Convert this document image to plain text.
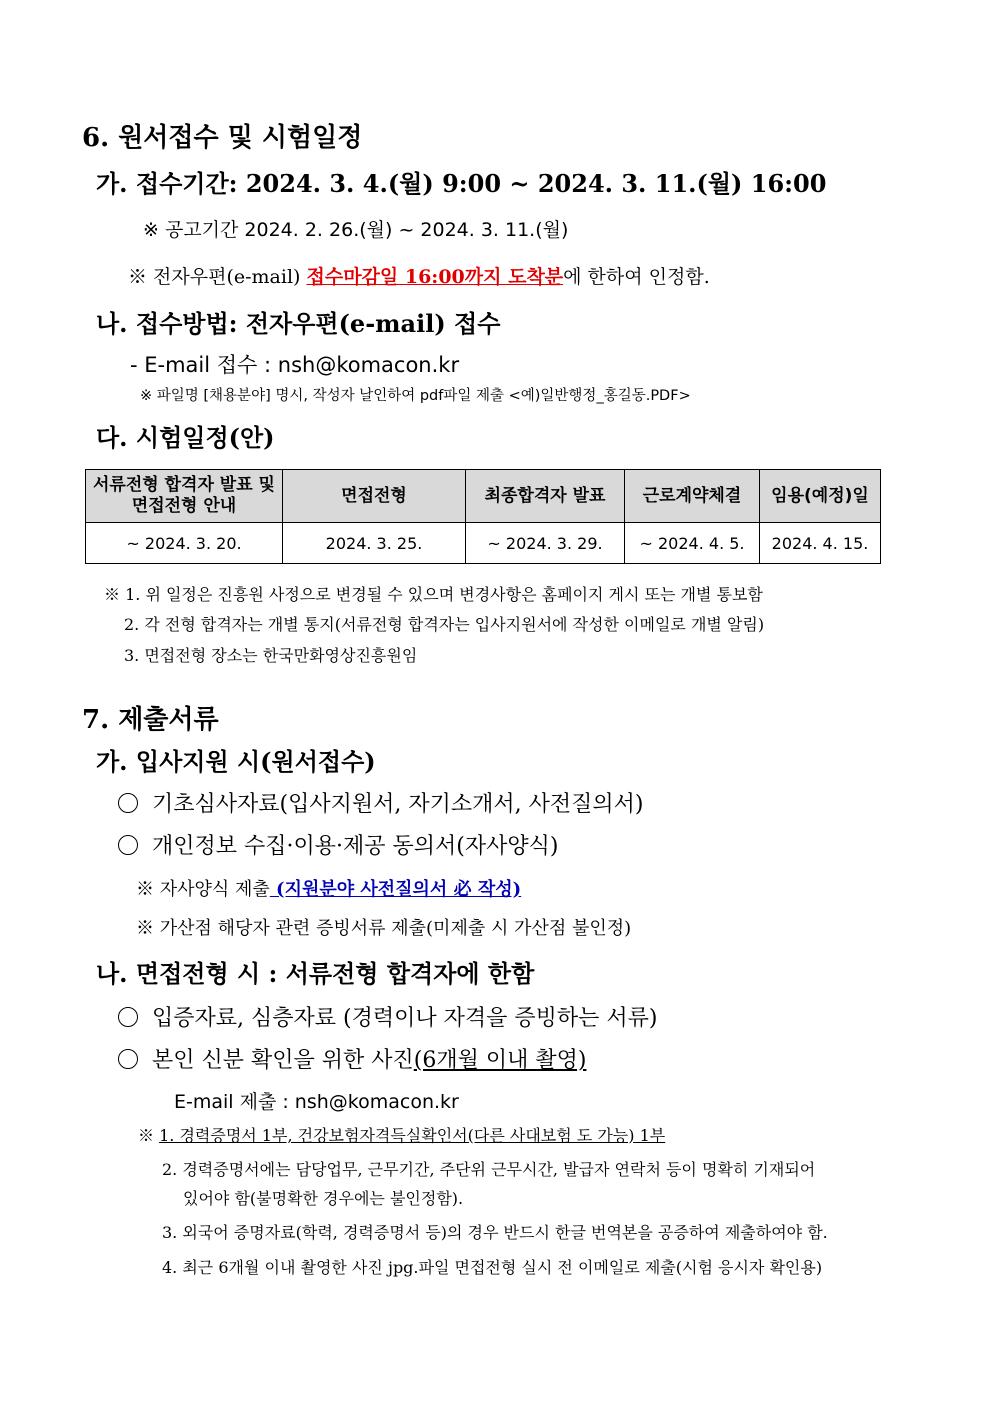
6. 원서접수 및 시험일정
가. 접수기간: 2024. 3. 4.(월) 9:00 ~ 2024. 3. 11.(월) 16:00
※ 공고기간 2024. 2. 26.(월) ~ 2024. 3. 11.(월)
※ 전자우편(e-mail) 접수마감일 16:00까지 도착분에 한하여 인정함.
나. 접수방법: 전자우편(e-mail) 접수
- E-mail 접수 : nsh@komacon.kr
※ 파일명 [채용분야] 명시, 작성자 날인하여 pdf파일 제출 <예)일반행정_홍길동.PDF>
다. 시험일정(안)
서류전형 합격자 발표 및 면접전형 안내	면접전형	최종합격자 발표	근로계약체결	임용(예정)일
~ 2024. 3. 20.	2024. 3. 25.	~ 2024. 3. 29.	~ 2024. 4. 5.	2024. 4. 15.
※ 1. 위 일정은 진흥원 사정으로 변경될 수 있으며 변경사항은 홈페이지 게시 또는 개별 통보함
2. 각 전형 합격자는 개별 통지(서류전형 합격자는 입사지원서에 작성한 이메일로 개별 알림)
3. 면접전형 장소는 한국만화영상진흥원임
7. 제출서류
가. 입사지원 시(원서접수)
기초심사자료(입사지원서, 자기소개서, 사전질의서)
개인정보 수집·이용·제공 동의서(자사양식)
※ 자사양식 제출 (지원분야 사전질의서 必 작성)
※ 가산점 해당자 관련 증빙서류 제출(미제출 시 가산점 불인정)
나. 면접전형 시 : 서류전형 합격자에 한함
입증자료, 심층자료 (경력이나 자격을 증빙하는 서류)
본인 신분 확인을 위한 사진(6개월 이내 촬영)
E-mail 제출 : nsh@komacon.kr
※ 1. 경력증명서 1부, 건강보험자격득실확인서(다른 사대보험 도 가능) 1부
2. 경력증명서에는 담당업무, 근무기간, 주단위 근무시간, 발급자 연락처 등이 명확히 기재되어
있어야 함(불명확한 경우에는 불인정함).
3. 외국어 증명자료(학력, 경력증명서 등)의 경우 반드시 한글 번역본을 공증하여 제출하여야 함.
4. 최근 6개월 이내 촬영한 사진 jpg.파일 면접전형 실시 전 이메일로 제출(시험 응시자 확인용)
